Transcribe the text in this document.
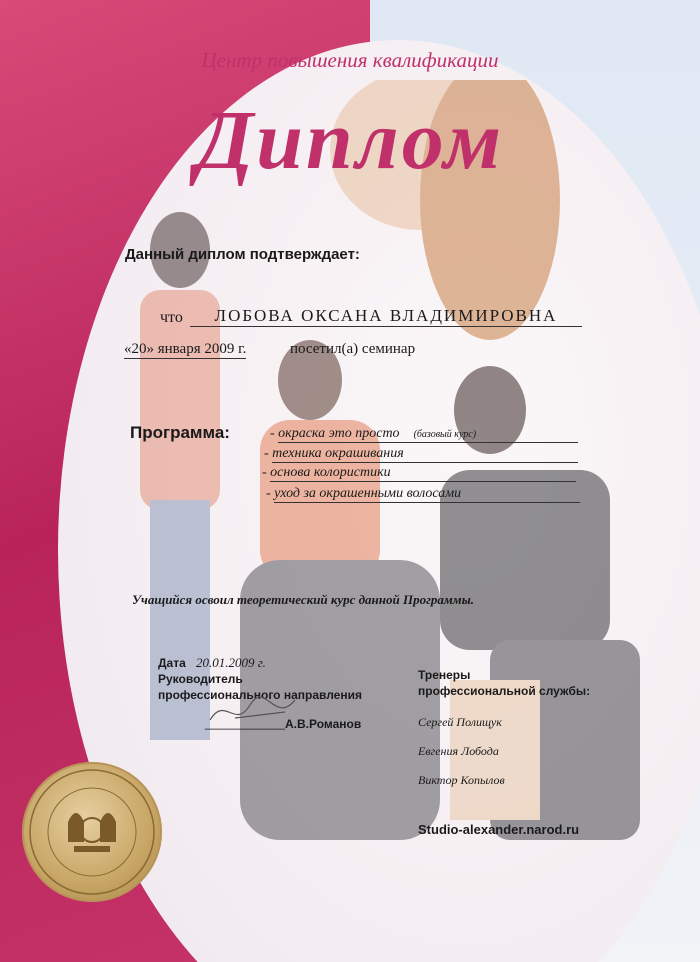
Центр повышения квалификации
Диплом
Данный диплом подтверждает:
что	ЛОБОВА ОКСАНА ВЛАДИМИРОВНА
«20» января 2009 г.	посетил(а) семинар
Программа:	- окраска это просто (базовый курс)
- техника окрашивания
- основа колористики
- уход за окрашенными волосами
Учащийся освоил теоретический курс данной Программы.
Дата 20.01.2009 г.
Руководитель
профессионального направления
____________ А.В.Романов
Тренеры
профессиональной службы:
Сергей Полищук
Евгения Лобода
Виктор Копылов
Studio-alexander.narod.ru
